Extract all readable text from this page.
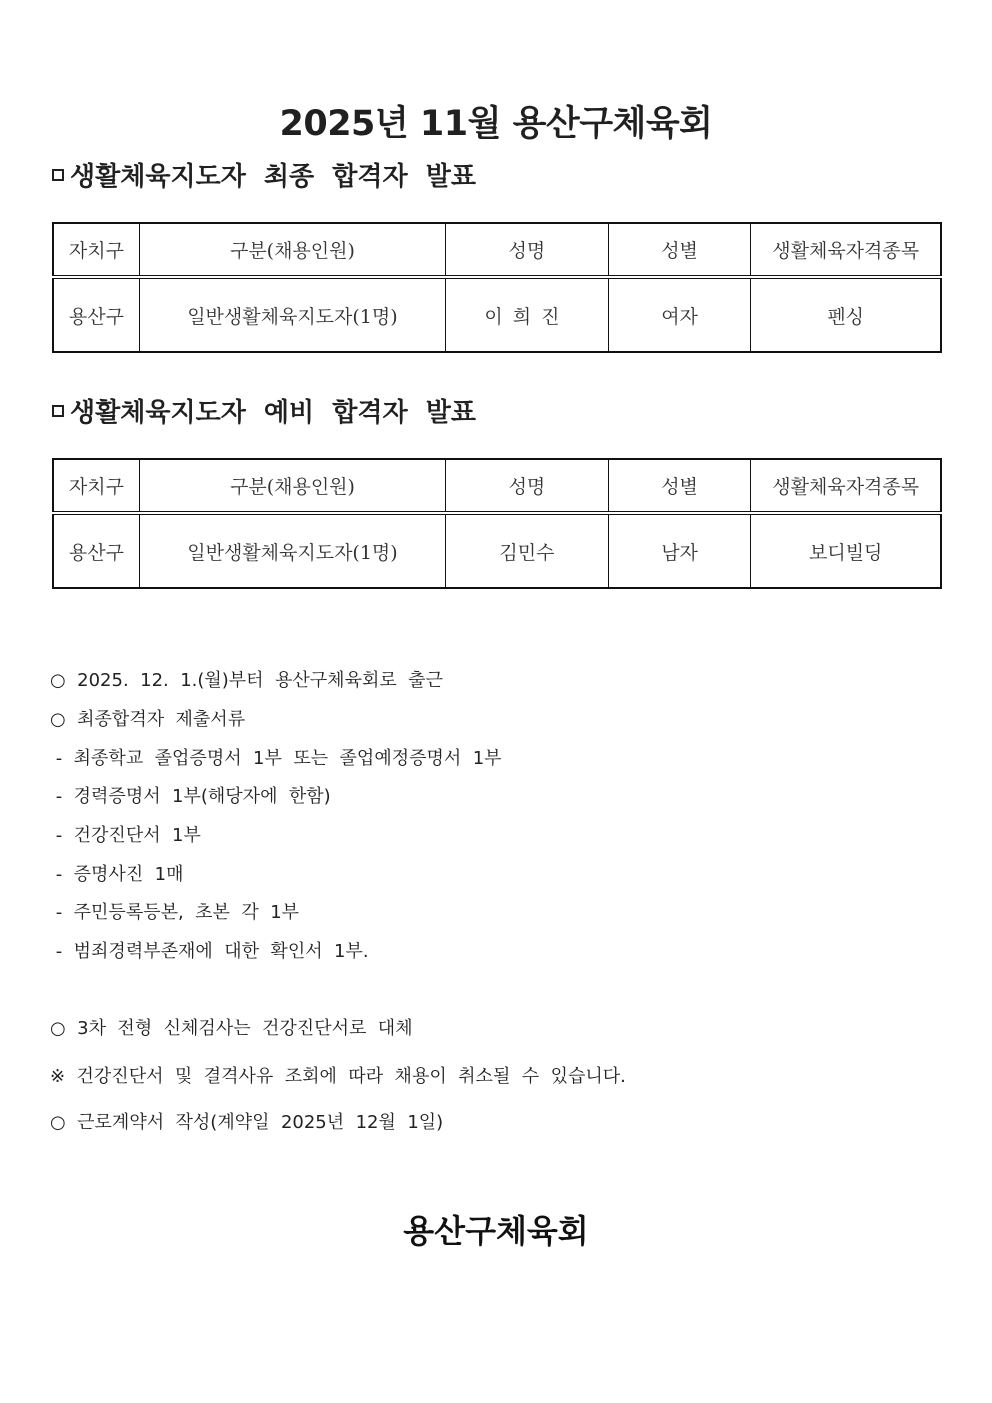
2025년 11월 용산구체육회
생활체육지도자  최종  합격자  발표
자치구	구분(채용인원)	성명	성별	생활체육자격종목
용산구	일반생활체육지도자(1명)	이희진	여자	펜싱
생활체육지도자  예비  합격자  발표
자치구	구분(채용인원)	성명	성별	생활체육자격종목
용산구	일반생활체육지도자(1명)	김민수	남자	보디빌딩
○  2025.  12.  1.(월)부터  용산구체육회로  출근
○  최종합격자  제출서류
-  최종학교  졸업증명서  1부  또는  졸업예정증명서  1부
-  경력증명서  1부(해당자에  한함)
-  건강진단서  1부
-  증명사진  1매
-  주민등록등본,  초본  각  1부
-  범죄경력부존재에  대한  확인서  1부.
○  3차  전형  신체검사는  건강진단서로  대체
※  건강진단서  및  결격사유  조회에  따라  채용이  취소될  수  있습니다.
○  근로계약서  작성(계약일  2025년  12월  1일)
용산구체육회
